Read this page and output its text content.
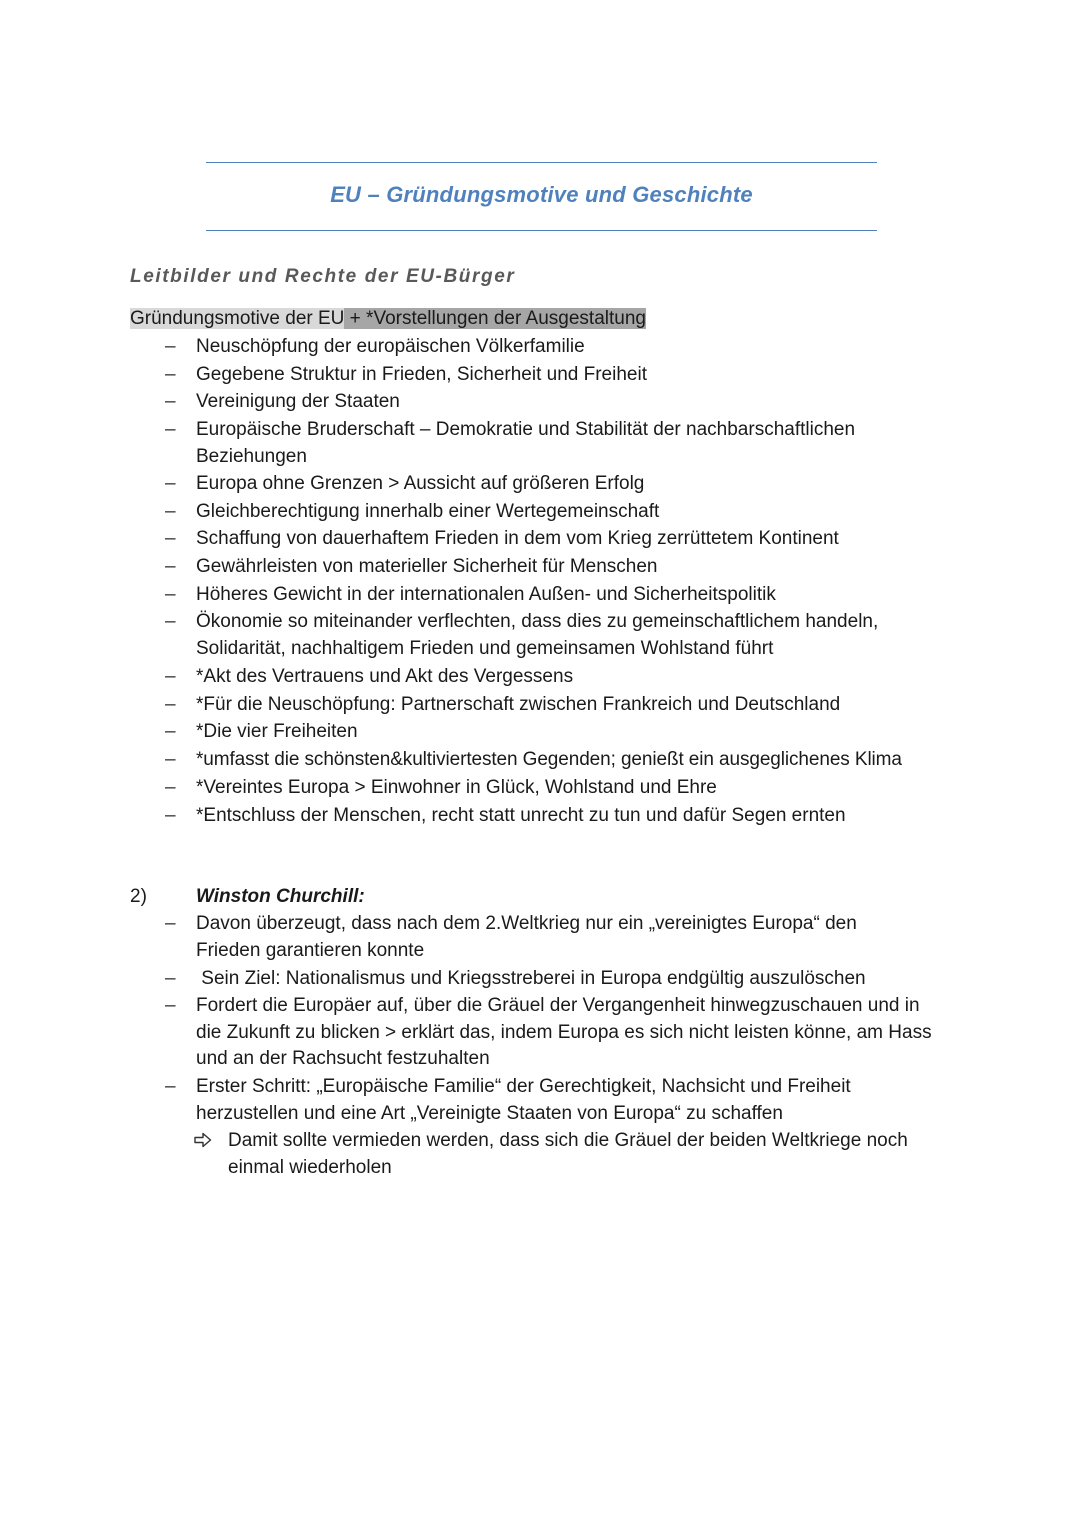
EU – Gründungsmotive und Geschichte
Leitbilder und Rechte der EU-Bürger
Gründungsmotive der EU + *Vorstellungen der Ausgestaltung
– Neuschöpfung der europäischen Völkerfamilie
– Gegebene Struktur in Frieden, Sicherheit und Freiheit
– Vereinigung der Staaten
– Europäische Bruderschaft – Demokratie und Stabilität der nachbarschaftlichen Beziehungen
– Europa ohne Grenzen > Aussicht auf größeren Erfolg
– Gleichberechtigung innerhalb einer Wertegemeinschaft
– Schaffung von dauerhaftem Frieden in dem vom Krieg zerrüttetem Kontinent
– Gewährleisten von materieller Sicherheit für Menschen
– Höheres Gewicht in der internationalen Außen- und Sicherheitspolitik
– Ökonomie so miteinander verflechten, dass dies zu gemeinschaftlichem handeln, Solidarität, nachhaltigem Frieden und gemeinsamen Wohlstand führt
– *Akt des Vertrauens und Akt des Vergessens
– *Für die Neuschöpfung: Partnerschaft zwischen Frankreich und Deutschland
– *Die vier Freiheiten
– *umfasst die schönsten&kultiviertesten Gegenden; genießt ein ausgeglichenes Klima
– *Vereintes Europa > Einwohner in Glück, Wohlstand und Ehre
– *Entschluss der Menschen, recht statt unrecht zu tun und dafür Segen ernten
2)	Winston Churchill:
– Davon überzeugt, dass nach dem 2.Weltkrieg nur ein „vereinigtes Europa“ den Frieden garantieren konnte
– Sein Ziel: Nationalismus und Kriegsstreberei in Europa endgültig auszulöschen
– Fordert die Europäer auf, über die Gräuel der Vergangenheit hinwegzuschauen und in die Zukunft zu blicken > erklärt das, indem Europa es sich nicht leisten könne, am Hass und an der Rachsucht festzuhalten
– Erster Schritt: „Europäische Familie“ der Gerechtigkeit, Nachsicht und Freiheit herzustellen und eine Art „Vereinigte Staaten von Europa“ zu schaffen
Damit sollte vermieden werden, dass sich die Gräuel der beiden Weltkriege noch einmal wiederholen
